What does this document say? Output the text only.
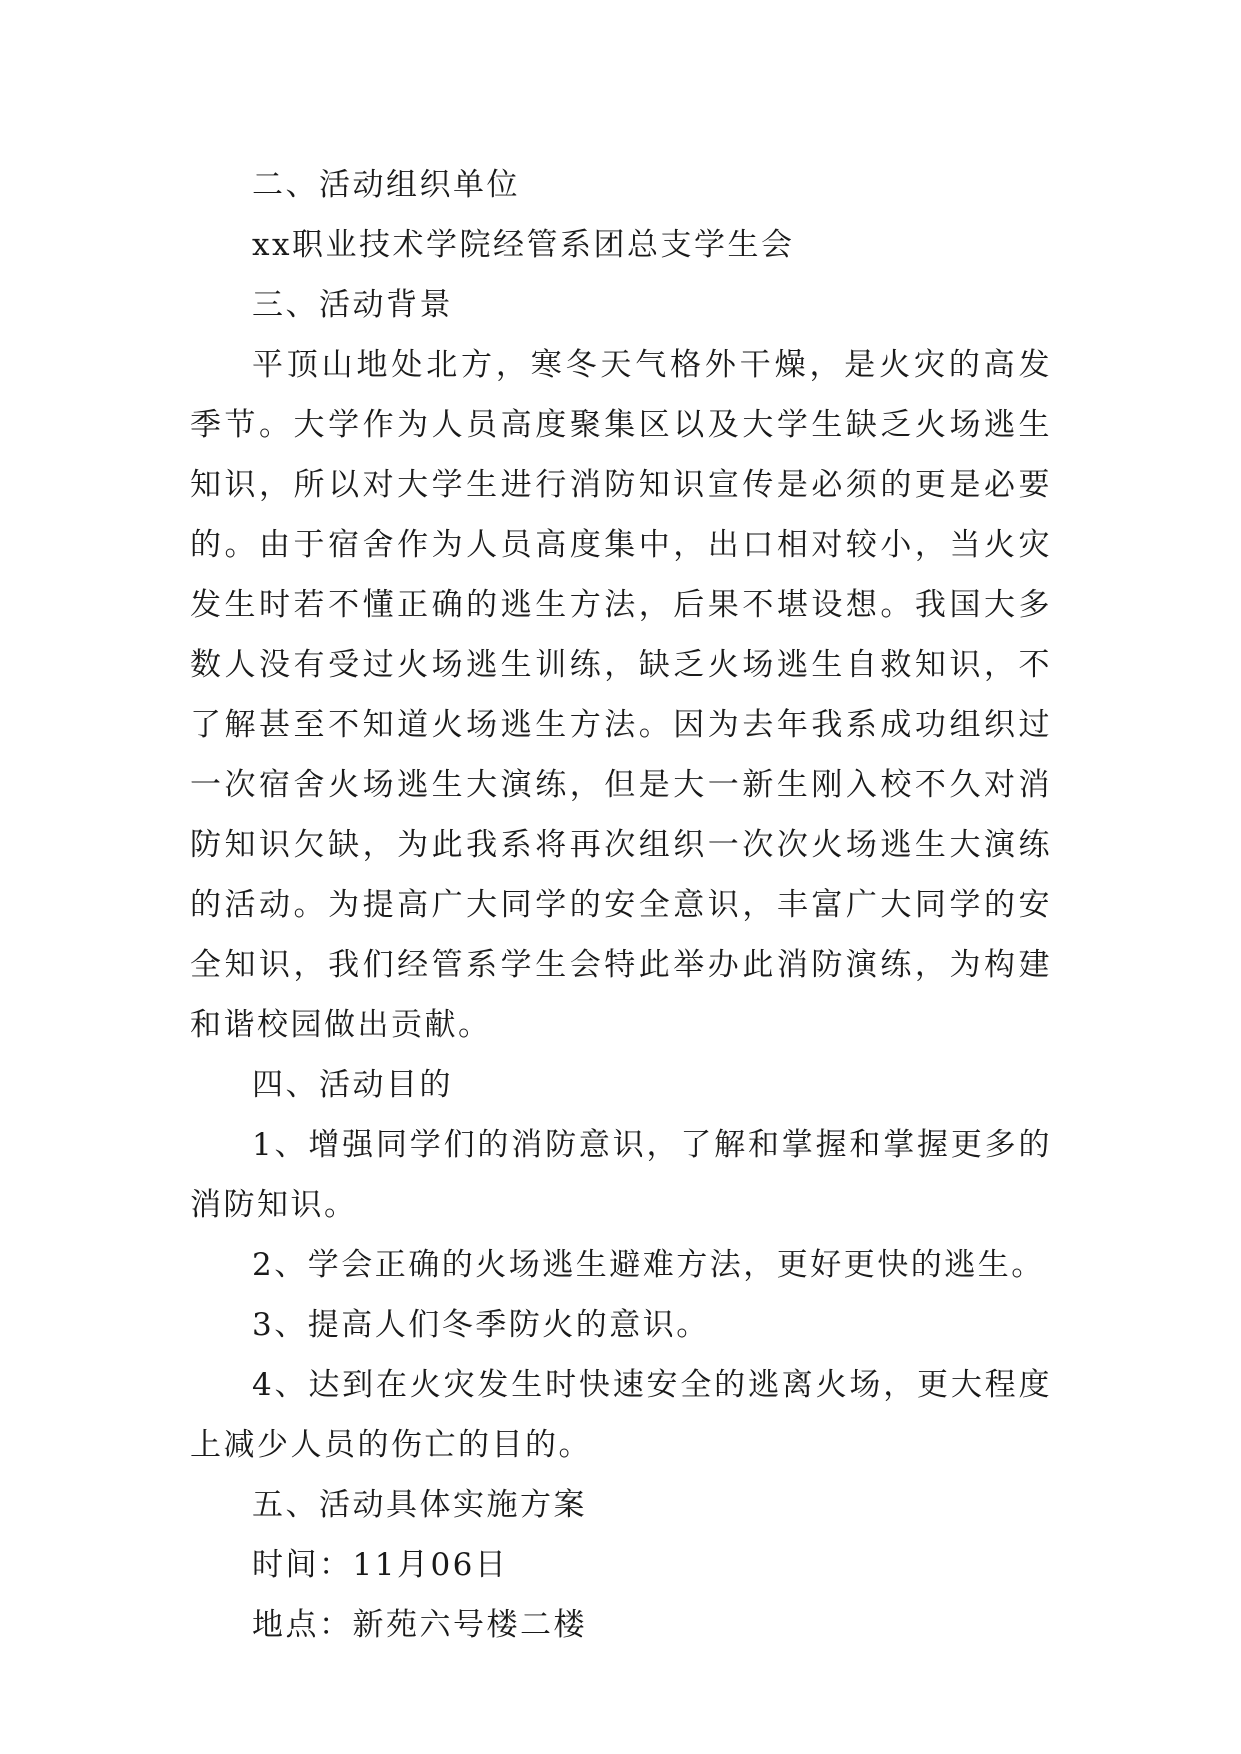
二、活动组织单位

xx职业技术学院经管系团总支学生会

三、活动背景

平顶山地处北方，寒冬天气格外干燥，是火灾的高发季节。大学作为人员高度聚集区以及大学生缺乏火场逃生知识，所以对大学生进行消防知识宣传是必须的更是必要的。由于宿舍作为人员高度集中，出口相对较小，当火灾发生时若不懂正确的逃生方法，后果不堪设想。我国大多数人没有受过火场逃生训练，缺乏火场逃生自救知识，不了解甚至不知道火场逃生方法。因为去年我系成功组织过一次宿舍火场逃生大演练，但是大一新生刚入校不久对消防知识欠缺，为此我系将再次组织一次次火场逃生大演练的活动。为提高广大同学的安全意识，丰富广大同学的安全知识，我们经管系学生会特此举办此消防演练，为构建和谐校园做出贡献。

四、活动目的

1、增强同学们的消防意识，了解和掌握和掌握更多的消防知识。

2、学会正确的火场逃生避难方法，更好更快的逃生。

3、提高人们冬季防火的意识。

4、达到在火灾发生时快速安全的逃离火场，更大程度上减少人员的伤亡的目的。

五、活动具体实施方案

时间：11月06日

地点：新苑六号楼二楼
